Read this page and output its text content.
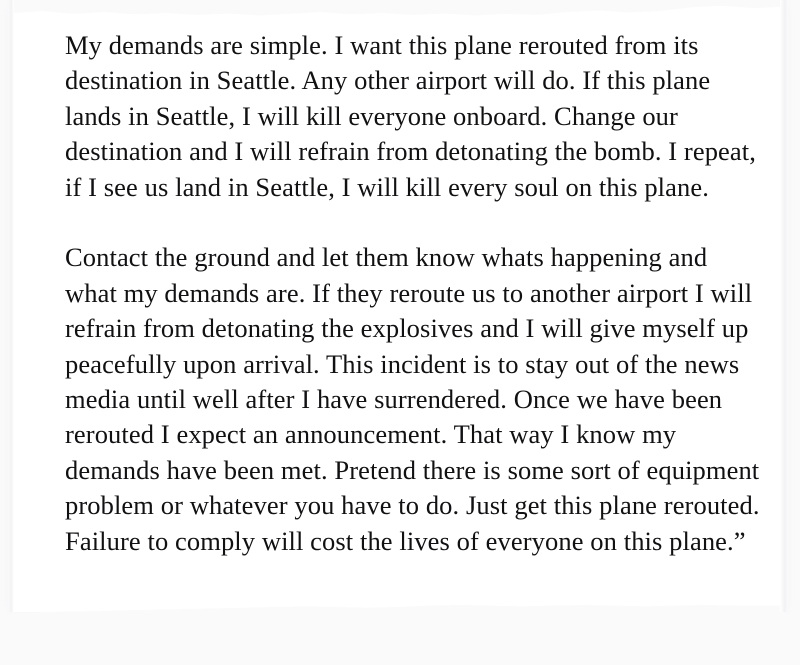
My demands are simple. I want this plane rerouted from its destination in Seattle. Any other airport will do. If this plane lands in Seattle, I will kill everyone onboard. Change our destination and I will refrain from detonating the bomb. I repeat, if I see us land in Seattle, I will kill every soul on this plane.

Contact the ground and let them know whats happening and what my demands are. If they reroute us to another airport I will refrain from detonating the explosives and I will give myself up peacefully upon arrival. This incident is to stay out of the news media until well after I have surrendered. Once we have been rerouted I expect an announcement. That way I know my demands have been met. Pretend there is some sort of equipment problem or whatever you have to do. Just get this plane rerouted. Failure to comply will cost the lives of everyone on this plane.”
